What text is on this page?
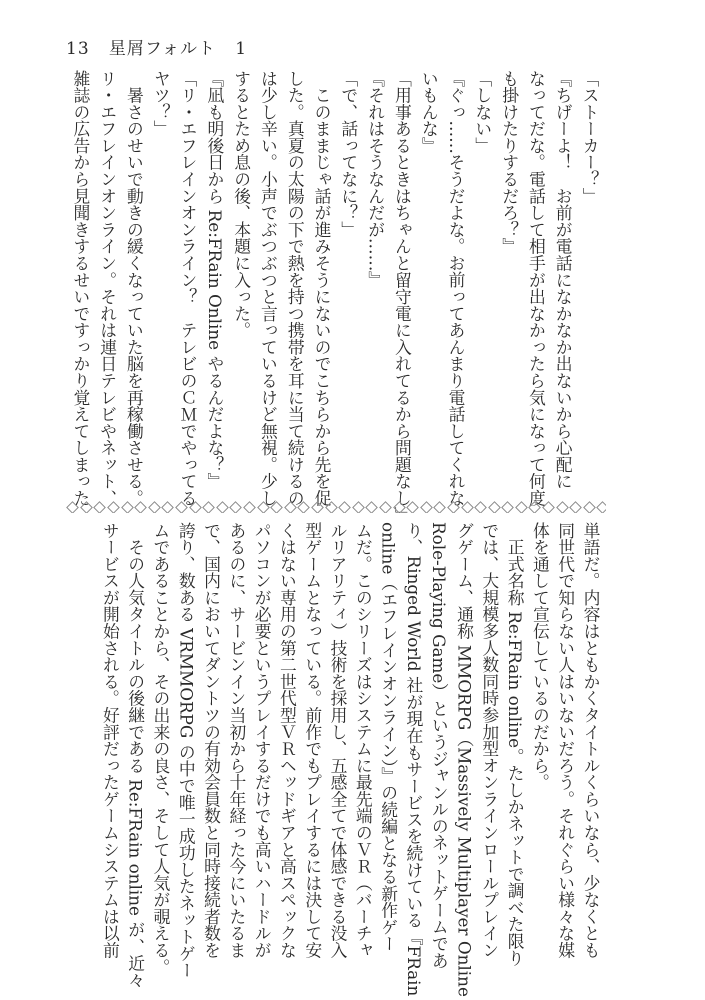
13 星屑フォルト 1
「ストーカー？」
『ちげーよ！　お前が電話になかなか出ないから心配に
なってだな。電話して相手が出なかったら気になって何度
も掛けたりするだろ？』
「しない」
『ぐっ……そうだよな。お前ってあんまり電話してくれな
いもんな』
「用事あるときはちゃんと留守電に入れてるから問題なし」
『それはそうなんだが……』
「で、話ってなに？」
　このままじゃ話が進みそうにないのでこちらから先を促
した。真夏の太陽の下で熱を持つ携帯を耳に当て続けるの
は少し辛い。小声でぶつぶつと言っているけど無視。少し
するとため息の後、本題に入った。
『凪も明後日から Re:FRain Online やるんだよな？』
「リ・エフレインオンライン？　テレビのＣＭでやってる
ヤツ？」
　暑さのせいで動きの緩くなっていた脳を再稼働させる。
リ・エフレインオンライン。それは連日テレビやネット、
雑誌の広告から見聞きするせいですっかり覚えてしまった
単語だ。内容はともかくタイトルくらいなら、少なくとも
同世代で知らない人はいないだろう。それぐらい様々な媒
体を通して宣伝しているのだから。
　正式名称 Re:FRain online。たしかネットで調べた限り
では、大規模多人数同時参加型オンラインロールプレイン
グゲーム、通称 MMORPG（Massively Multiplayer Online
Role-Playing Game）というジャンルのネットゲームであ
り、Ringed World 社が現在もサービスを続けている『FRain
online（エフレインオンライン）』の続編となる新作ゲー
ムだ。このシリーズはシステムに最先端のＶＲ（バーチャ
ルリアリティ）技術を採用し、五感全てで体感できる没入
型ゲームとなっている。前作でもプレイするには決して安
くはない専用の第二世代型ＶＲヘッドギアと高スペックな
パソコンが必要というプレイするだけでも高いハードルが
あるのに、サービンイン当初から十年経った今にいたるま
で、国内においてダントツの有効会員数と同時接続者数を
誇り、数ある VRMMORPG の中で唯一成功したネットゲー
ムであることから、その出来の良さ、そして人気が覗える。
　その人気タイトルの後継である Re:FRain online が、近々
サービスが開始される。好評だったゲームシステムは以前
